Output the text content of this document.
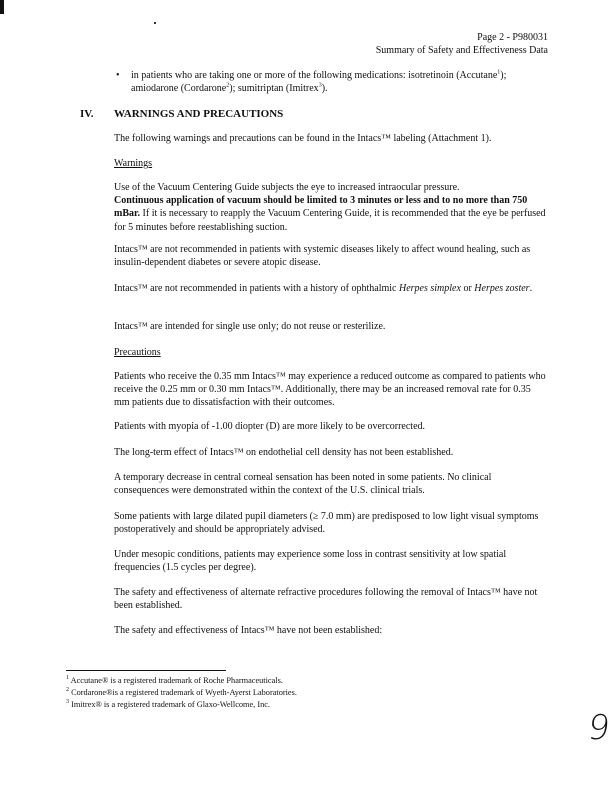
Page 2 - P980031
Summary of Safety and Effectiveness Data
• in patients who are taking one or more of the following medications: isotretinoin (Accutane$^1$);
amiodarone (Cordarone$^2$); sumitriptan (Imitrex$^3$).

IV. WARNINGS AND PRECAUTIONS

The following warnings and precautions can be found in the Intacs™ labeling (Attachment 1).

Warnings

Use of the Vacuum Centering Guide subjects the eye to increased intraocular pressure.
Continuous application of vacuum should be limited to 3 minutes or less and to no more than 750 mBar. If it is necessary to reapply the Vacuum Centering Guide, it is recommended that the eye be perfused for 5 minutes before reestablishing suction.

Intacs™ are not recommended in patients with systemic diseases likely to affect wound healing, such as insulin-dependent diabetes or severe atopic disease.

Intacs™ are not recommended in patients with a history of ophthalmic Herpes simplex or Herpes zoster.

Intacs™ are intended for single use only; do not reuse or resterilize.

Precautions

Patients who receive the 0.35 mm Intacs™ may experience a reduced outcome as compared to patients who receive the 0.25 mm or 0.30 mm Intacs™. Additionally, there may be an increased removal rate for 0.35 mm patients due to dissatisfaction with their outcomes.

Patients with myopia of -1.00 diopter (D) are more likely to be overcorrected.

The long-term effect of Intacs™ on endothelial cell density has not been established.

A temporary decrease in central corneal sensation has been noted in some patients. No clinical consequences were demonstrated within the context of the U.S. clinical trials.

Some patients with large dilated pupil diameters (≥ 7.0 mm) are predisposed to low light visual symptoms postoperatively and should be appropriately advised.

Under mesopic conditions, patients may experience some loss in contrast sensitivity at low spatial frequencies (1.5 cycles per degree).

The safety and effectiveness of alternate refractive procedures following the removal of Intacs™ have not been established.

The safety and effectiveness of Intacs™ have not been established:

$^1$ Accutane® is a registered trademark of Roche Pharmaceuticals.
$^2$ Cordarone®is a registered trademark of Wyeth-Ayerst Laboratories.
$^3$ Imitrex® is a registered trademark of Glaxo-Wellcome, Inc.
9
